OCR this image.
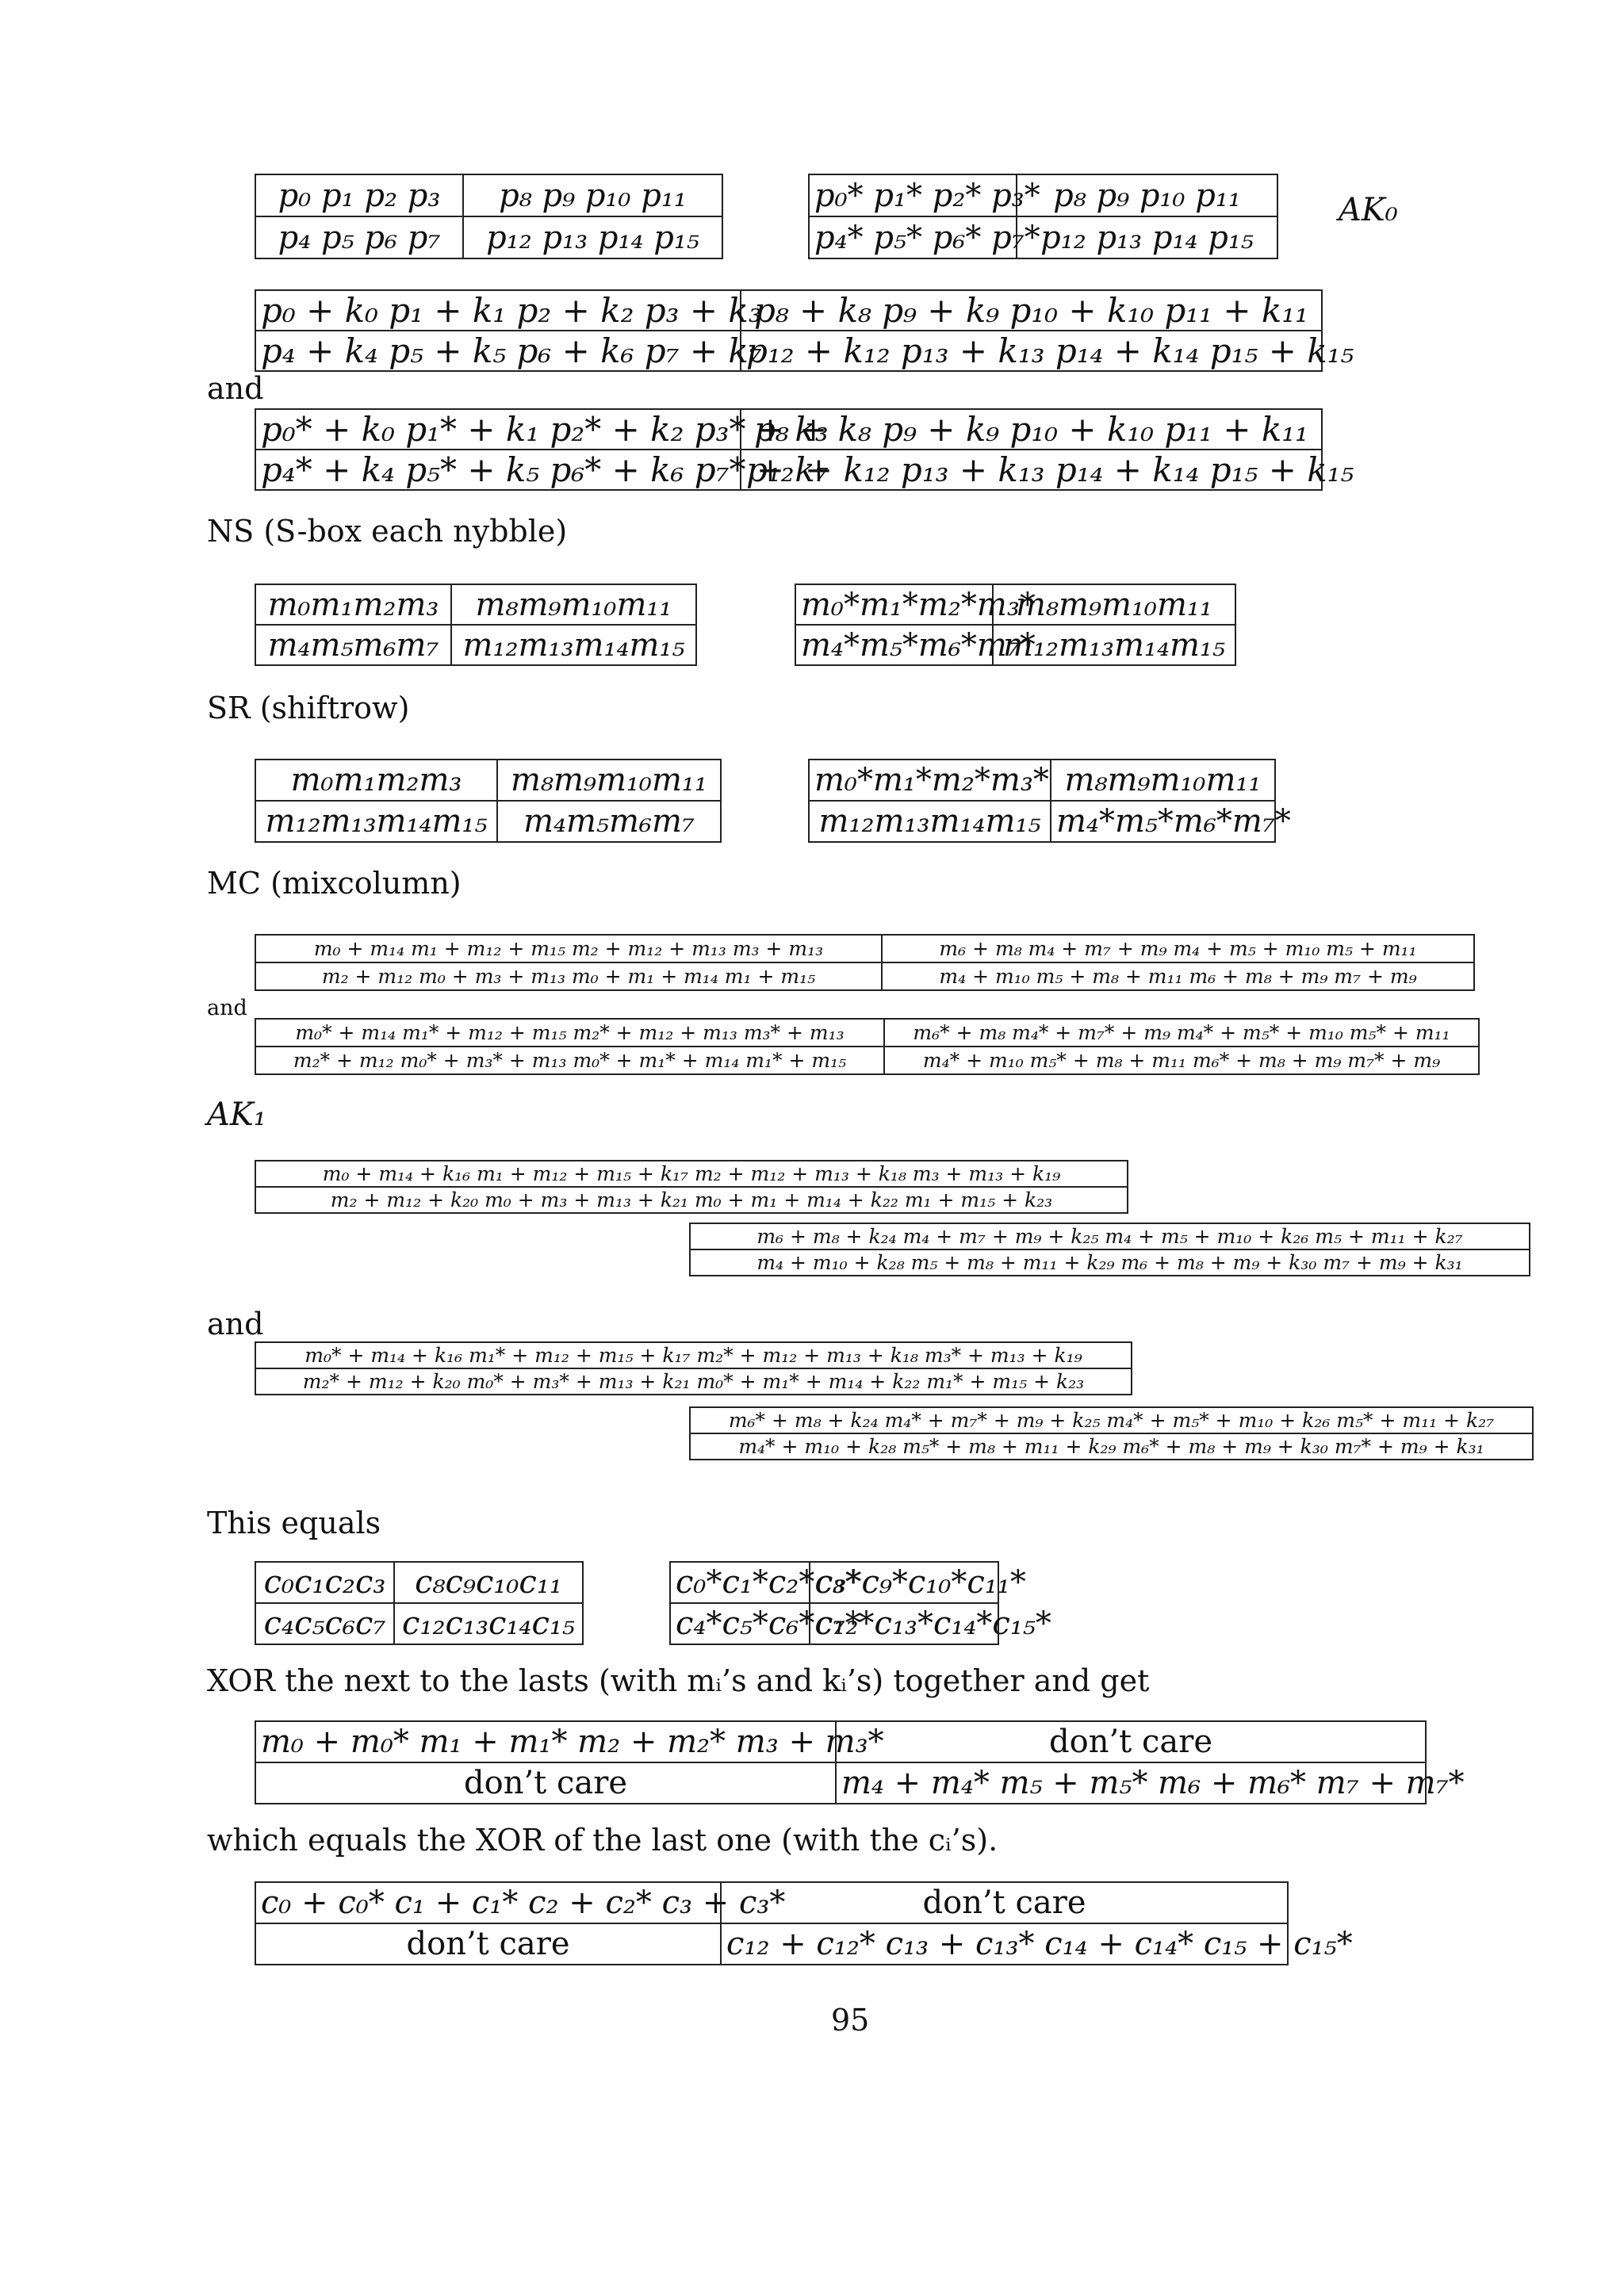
AK₀
p₀ p₁ p₂ p₃	p₈ p₉ p₁₀ p₁₁
p₄ p₅ p₆ p₇	p₁₂ p₁₃ p₁₄ p₁₅
p₀* p₁* p₂* p₃*	p₈ p₉ p₁₀ p₁₁
p₄* p₅* p₆* p₇*	p₁₂ p₁₃ p₁₄ p₁₅
p₀ + k₀ p₁ + k₁ p₂ + k₂ p₃ + k₃	p₈ + k₈ p₉ + k₉ p₁₀ + k₁₀ p₁₁ + k₁₁
p₄ + k₄ p₅ + k₅ p₆ + k₆ p₇ + k₇	p₁₂ + k₁₂ p₁₃ + k₁₃ p₁₄ + k₁₄ p₁₅ + k₁₅
and
p₀* + k₀ p₁* + k₁ p₂* + k₂ p₃* + k₃	p₈ + k₈ p₉ + k₉ p₁₀ + k₁₀ p₁₁ + k₁₁
p₄* + k₄ p₅* + k₅ p₆* + k₆ p₇* + k₇	p₁₂ + k₁₂ p₁₃ + k₁₃ p₁₄ + k₁₄ p₁₅ + k₁₅
NS (S-box each nybble)
m₀m₁m₂m₃	m₈m₉m₁₀m₁₁
m₄m₅m₆m₇	m₁₂m₁₃m₁₄m₁₅
m₀*m₁*m₂*m₃*	m₈m₉m₁₀m₁₁
m₄*m₅*m₆*m₇*	m₁₂m₁₃m₁₄m₁₅
SR (shiftrow)
m₀m₁m₂m₃	m₈m₉m₁₀m₁₁
m₁₂m₁₃m₁₄m₁₅	m₄m₅m₆m₇
m₀*m₁*m₂*m₃*	m₈m₉m₁₀m₁₁
m₁₂m₁₃m₁₄m₁₅	m₄*m₅*m₆*m₇*
MC (mixcolumn)
m₀ + m₁₄ m₁ + m₁₂ + m₁₅ m₂ + m₁₂ + m₁₃ m₃ + m₁₃	m₆ + m₈ m₄ + m₇ + m₉ m₄ + m₅ + m₁₀ m₅ + m₁₁
m₂ + m₁₂ m₀ + m₃ + m₁₃ m₀ + m₁ + m₁₄ m₁ + m₁₅	m₄ + m₁₀ m₅ + m₈ + m₁₁ m₆ + m₈ + m₉ m₇ + m₉
and
m₀* + m₁₄ m₁* + m₁₂ + m₁₅ m₂* + m₁₂ + m₁₃ m₃* + m₁₃	m₆* + m₈ m₄* + m₇* + m₉ m₄* + m₅* + m₁₀ m₅* + m₁₁
m₂* + m₁₂ m₀* + m₃* + m₁₃ m₀* + m₁* + m₁₄ m₁* + m₁₅	m₄* + m₁₀ m₅* + m₈ + m₁₁ m₆* + m₈ + m₉ m₇* + m₉
AK₁
m₀ + m₁₄ + k₁₆ m₁ + m₁₂ + m₁₅ + k₁₇ m₂ + m₁₂ + m₁₃ + k₁₈ m₃ + m₁₃ + k₁₉
m₂ + m₁₂ + k₂₀ m₀ + m₃ + m₁₃ + k₂₁ m₀ + m₁ + m₁₄ + k₂₂ m₁ + m₁₅ + k₂₃
m₆ + m₈ + k₂₄ m₄ + m₇ + m₉ + k₂₅ m₄ + m₅ + m₁₀ + k₂₆ m₅ + m₁₁ + k₂₇
m₄ + m₁₀ + k₂₈ m₅ + m₈ + m₁₁ + k₂₉ m₆ + m₈ + m₉ + k₃₀ m₇ + m₉ + k₃₁
and
m₀* + m₁₄ + k₁₆ m₁* + m₁₂ + m₁₅ + k₁₇ m₂* + m₁₂ + m₁₃ + k₁₈ m₃* + m₁₃ + k₁₉
m₂* + m₁₂ + k₂₀ m₀* + m₃* + m₁₃ + k₂₁ m₀* + m₁* + m₁₄ + k₂₂ m₁* + m₁₅ + k₂₃
m₆* + m₈ + k₂₄ m₄* + m₇* + m₉ + k₂₅ m₄* + m₅* + m₁₀ + k₂₆ m₅* + m₁₁ + k₂₇
m₄* + m₁₀ + k₂₈ m₅* + m₈ + m₁₁ + k₂₉ m₆* + m₈ + m₉ + k₃₀ m₇* + m₉ + k₃₁
This equals
c₀c₁c₂c₃	c₈c₉c₁₀c₁₁
c₄c₅c₆c₇	c₁₂c₁₃c₁₄c₁₅
c₀*c₁*c₂*c₃*	c₈*c₉*c₁₀*c₁₁*
c₄*c₅*c₆*c₇*	c₁₂*c₁₃*c₁₄*c₁₅*
XOR the next to the lasts (with mᵢ’s and kᵢ’s) together and get
m₀ + m₀* m₁ + m₁* m₂ + m₂* m₃ + m₃*	don’t care
don’t care	m₄ + m₄* m₅ + m₅* m₆ + m₆* m₇ + m₇*
which equals the XOR of the last one (with the cᵢ’s).
c₀ + c₀* c₁ + c₁* c₂ + c₂* c₃ + c₃*	don’t care
don’t care	c₁₂ + c₁₂* c₁₃ + c₁₃* c₁₄ + c₁₄* c₁₅ + c₁₅*
95
